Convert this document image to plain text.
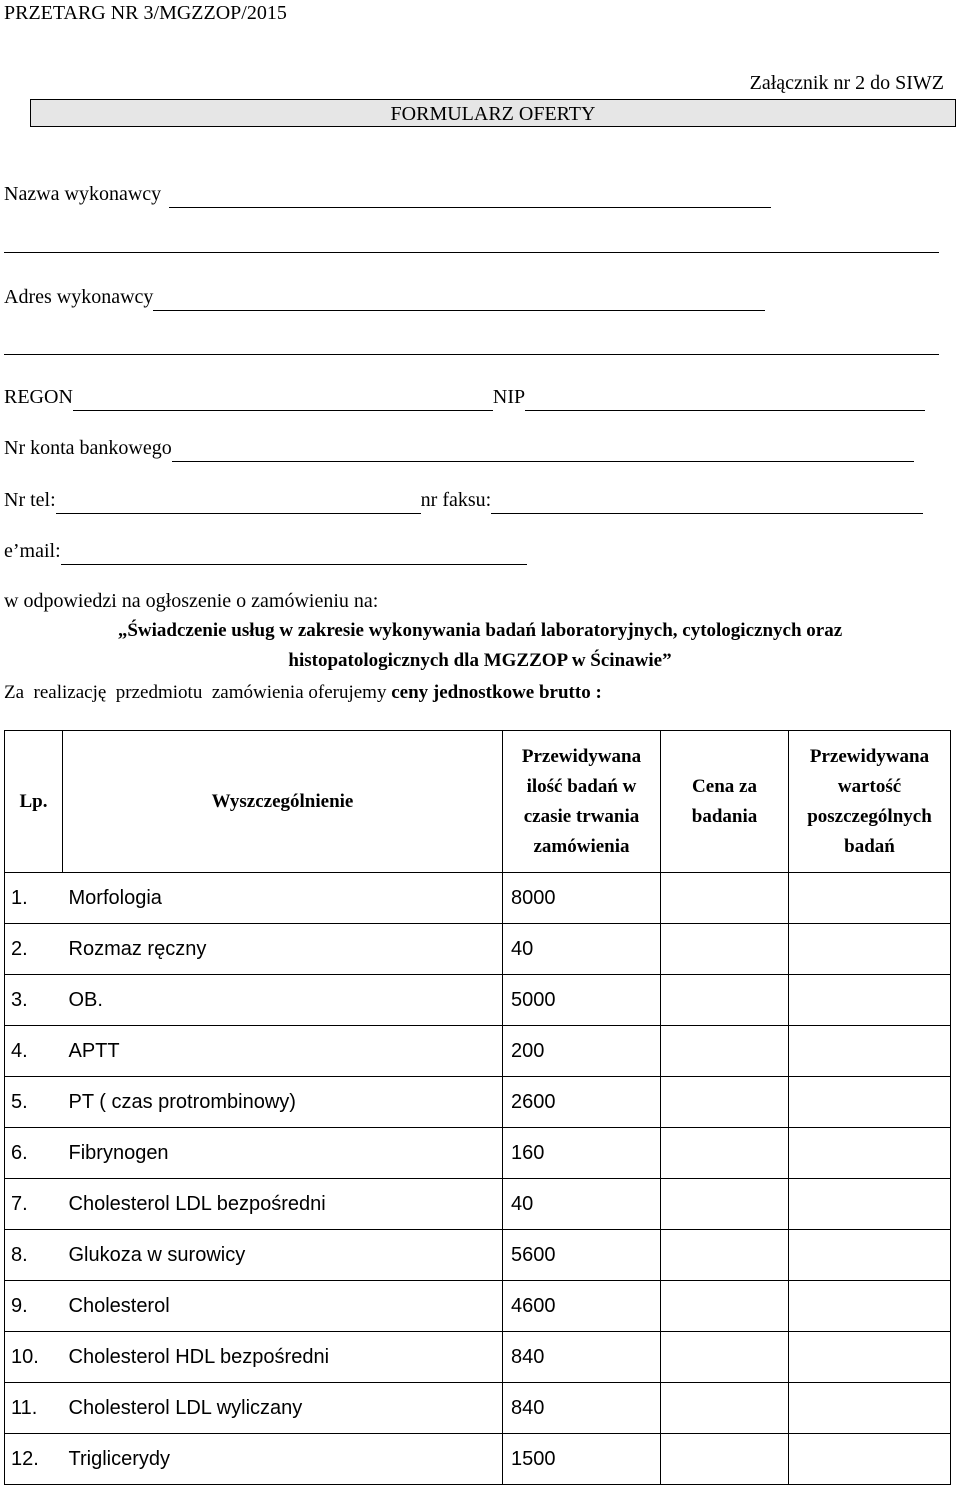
PRZETARG NR 3/MGZZOP/2015
Załącznik nr 2 do SIWZ
FORMULARZ OFERTY
Nazwa wykonawcy
Adres wykonawcy
REGON	NIP
Nr konta bankowego
Nr tel:	nr faksu:
e’mail:
w odpowiedzi na ogłoszenie o zamówieniu na:
„Świadczenie usług w zakresie wykonywania badań laboratoryjnych, cytologicznych oraz
histopatologicznych dla MGZZOP w Ścinawie”
Za  realizację  przedmiotu  zamówienia oferujemy ceny jednostkowe brutto :
Lp.	Wyszczególnienie	Przewidywana ilość badań w czasie trwania zamówienia	Cena za badania	Przewidywana wartość poszczególnych badań
1.	Morfologia	8000		
2.	Rozmaz ręczny	40		
3.	OB.	5000		
4.	APTT	200		
5.	PT ( czas protrombinowy)	2600		
6.	Fibrynogen	160		
7.	Cholesterol LDL bezpośredni	40		
8.	Glukoza w surowicy	5600		
9.	Cholesterol	4600		
10.	Cholesterol HDL bezpośredni	840		
11.	Cholesterol LDL wyliczany	840		
12.	Triglicerydy	1500		
